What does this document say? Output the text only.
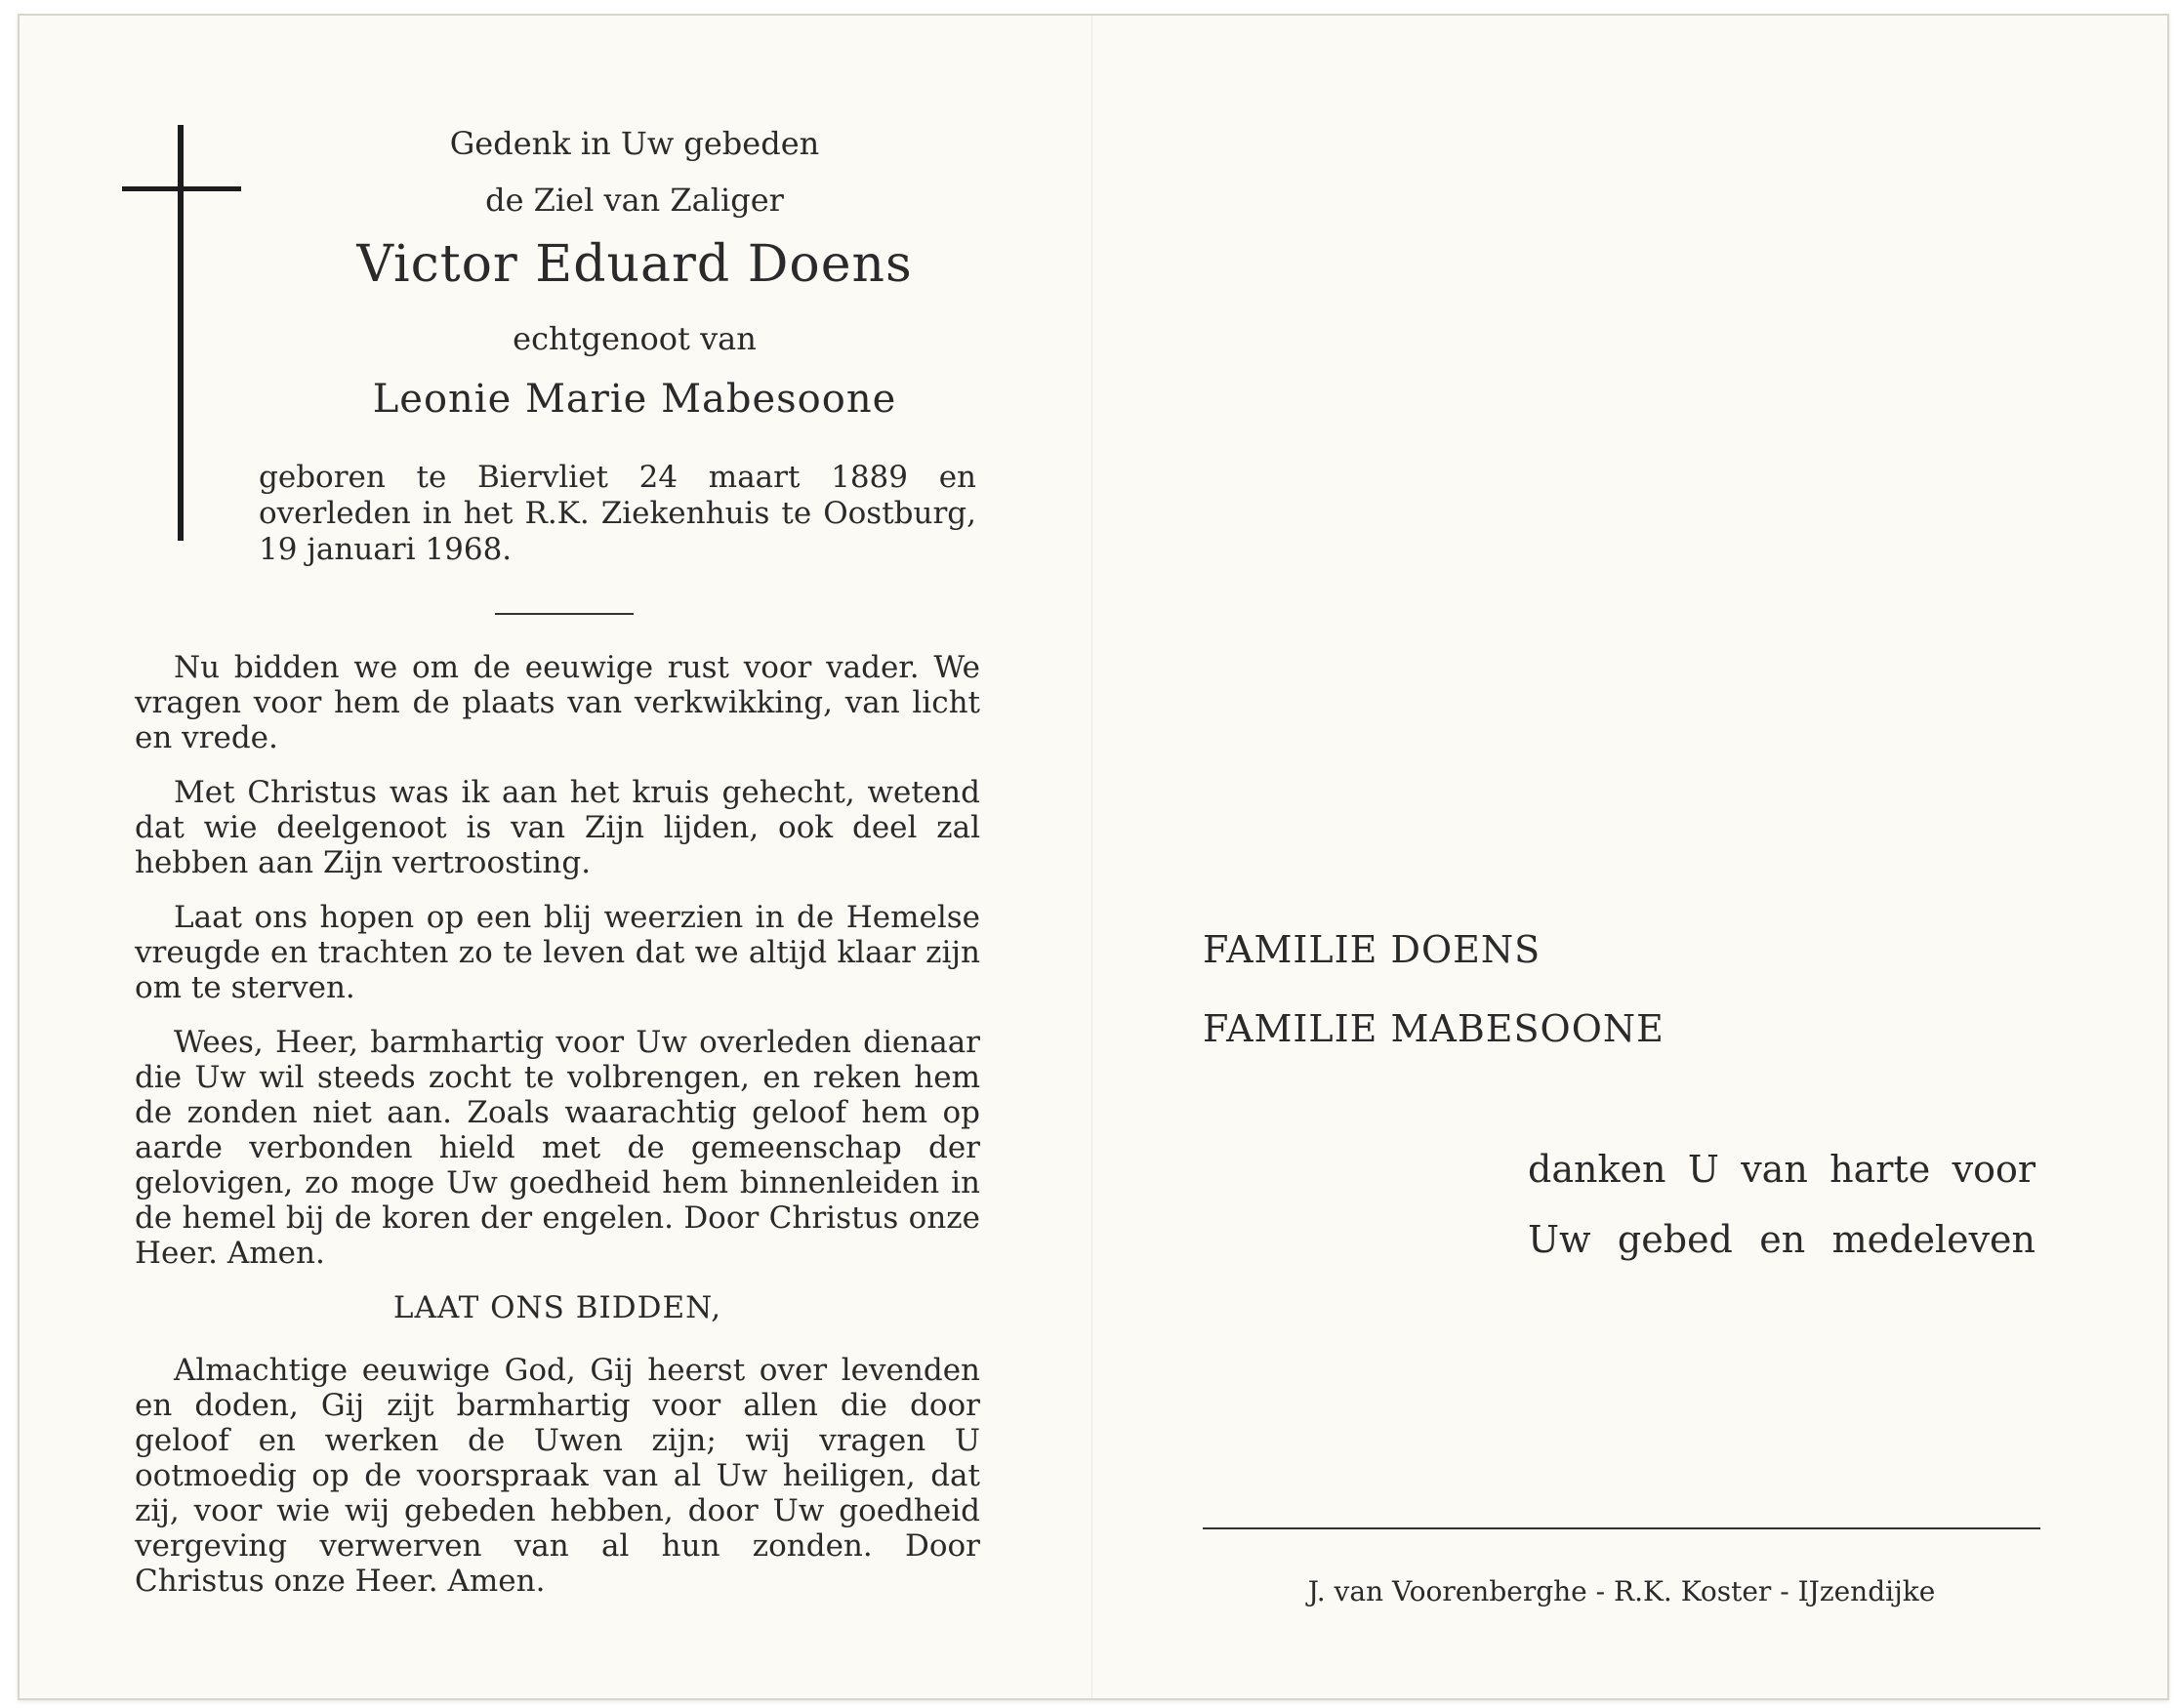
Gedenk in Uw gebeden
de Ziel van Zaliger
Victor Eduard Doens
echtgenoot van
Leonie Marie Mabesoone
geboren te Biervliet 24 maart 1889 en overleden in het R.K. Ziekenhuis te Oostburg, 19 januari 1968.

Nu bidden we om de eeuwige rust voor vader. We vragen voor hem de plaats van verkwikking, van licht en vrede.

Met Christus was ik aan het kruis gehecht, wetend dat wie deelgenoot is van Zijn lijden, ook deel zal hebben aan Zijn vertroosting.

Laat ons hopen op een blij weerzien in de Hemelse vreugde en trachten zo te leven dat we altijd klaar zijn om te sterven.

Wees, Heer, barmhartig voor Uw overleden dienaar die Uw wil steeds zocht te volbrengen, en reken hem de zonden niet aan. Zoals waarachtig geloof hem op aarde verbonden hield met de gemeenschap der gelovigen, zo moge Uw goedheid hem binnenleiden in de hemel bij de koren der engelen. Door Christus onze Heer. Amen.

LAAT ONS BIDDEN,

Almachtige eeuwige God, Gij heerst over levenden en doden, Gij zijt barmhartig voor allen die door geloof en werken de Uwen zijn; wij vragen U ootmoedig op de voorspraak van al Uw heiligen, dat zij, voor wie wij gebeden hebben, door Uw goedheid vergeving verwerven van al hun zonden. Door Christus onze Heer. Amen.

FAMILIE DOENS
FAMILIE MABESOONE
danken U van harte voor
Uw gebed en medeleven
J. van Voorenberghe - R.K. Koster - IJzendijke
